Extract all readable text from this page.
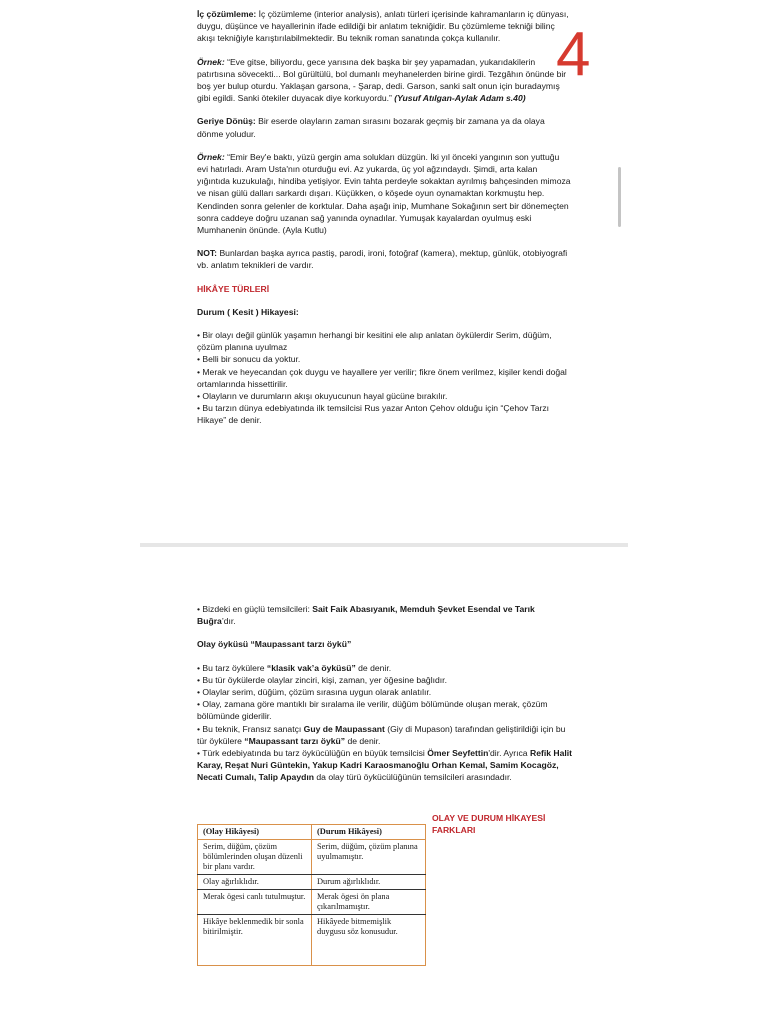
4

İç çözümleme: İç çözümleme (interior analysis), anlatı türleri içerisinde kahramanların iç dünyası, duygu, düşünce ve hayallerinin ifade edildiği bir anlatım tekniğidir. Bu çözümleme tekniği bilinç akışı tekniğiyle karıştırılabilmektedir. Bu teknik roman sanatında çokça kullanılır.

Örnek: “Eve gitse, biliyordu, gece yarısına dek başka bir şey yapamadan, yukarıdakilerin patırtısına sövecekti... Bol gürültülü, bol dumanlı meyhanelerden birine girdi. Tezgâhın önünde bir boş yer bulup oturdu. Yaklaşan garsona, - Şarap, dedi. Garson, sanki salt onun için buradaymış gibi egildi. Sanki ötekiler duyacak diye korkuyordu.” (Yusuf Atılgan-Aylak Adam s.40)

Geriye Dönüş: Bir eserde olayların zaman sırasını bozarak geçmiş bir zamana ya da olaya dönme yoludur.

Örnek: “Emir Bey'e baktı, yüzü gergin ama solukları düzgün. İki yıl önceki yangının son yuttuğu evi hatırladı. Aram Usta'nın oturduğu evi. Az yukarda, üç yol ağzındaydı. Şimdi, arta kalan yığıntıda kuzukulağı, hindiba yetişiyor. Evin tahta perdeyle sokaktan ayrılmış bahçesinden mimoza ve nisan gülü dalları sarkardı dışarı. Küçükken, o köşede oyun oynamaktan korkmuştu hep. Kendinden sonra gelenler de korktular. Daha aşağı inip, Mumhane Sokağının sert bir dönemeçten sonra caddeye doğru uzanan sağ yanında oynadılar. Yumuşak kayalardan oyulmuş eski Mumhanenin önünde. (Ayla Kutlu)

NOT: Bunlardan başka ayrıca pastiş, parodi, ironi, fotoğraf (kamera), mektup, günlük, otobiyografi vb. anlatım teknikleri de vardır.

HİKÂYE TÜRLERİ

Durum ( Kesit ) Hikayesi:

• Bir olayı değil günlük yaşamın herhangi bir kesitini ele alıp anlatan öykülerdir Serim, düğüm, çözüm planına uyulmaz
• Belli bir sonucu da yoktur.
• Merak ve heyecandan çok duygu ve hayallere yer verilir; fikre önem verilmez, kişiler kendi doğal ortamlarında hissettirilir.
• Olayların ve durumların akışı okuyucunun hayal gücüne bırakılır.
• Bu tarzın dünya edebiyatında ilk temsilcisi Rus yazar Anton Çehov olduğu için “Çehov Tarzı Hikaye” de denir.

• Bizdeki en güçlü temsilcileri: Sait Faik Abasıyanık, Memduh Şevket Esendal ve Tarık Buğra’dır.

Olay öyküsü “Maupassant tarzı öykü”

• Bu tarz öykülere “klasik vak’a öyküsü” de denir.
• Bu tür öykülerde olaylar zinciri, kişi, zaman, yer öğesine bağlıdır.
• Olaylar serim, düğüm, çözüm sırasına uygun olarak anlatılır.
• Olay, zamana göre mantıklı bir sıralama ile verilir, düğüm bölümünde oluşan merak, çözüm bölümünde giderilir.
• Bu teknik, Fransız sanatçı Guy de Maupassant (Giy di Mupason) tarafından geliştirildiği için bu tür öykülere “Maupassant tarzı öykü” de denir.
• Türk edebiyatında bu tarz öykücülüğün en büyük temsilcisi Ömer Seyfettin'dir. Ayrıca Refik Halit Karay, Reşat Nuri Güntekin, Yakup Kadri Karaosmanoğlu Orhan Kemal, Samim Kocagöz, Necati Cumalı, Talip Apaydın da olay türü öykücülüğünün temsilcileri arasındadır.
OLAY VE DURUM HİKAYESİ FARKLARI
(Olay Hikâyesi)	(Durum Hikâyesi)
Serim, düğüm, çözüm bölümlerinden oluşan düzenli bir planı vardır.	Serim, düğüm, çözüm planına uyulmamıştır.
Olay ağırlıklıdır.	Durum ağırlıklıdır.
Merak ögesi canlı tutulmuştur.	Merak ögesi ön plana çıkarılmamıştır.
Hikâye beklenmedik bir sonla bitirilmiştir.	Hikâyede bitmemişlik duygusu söz konusudur.
